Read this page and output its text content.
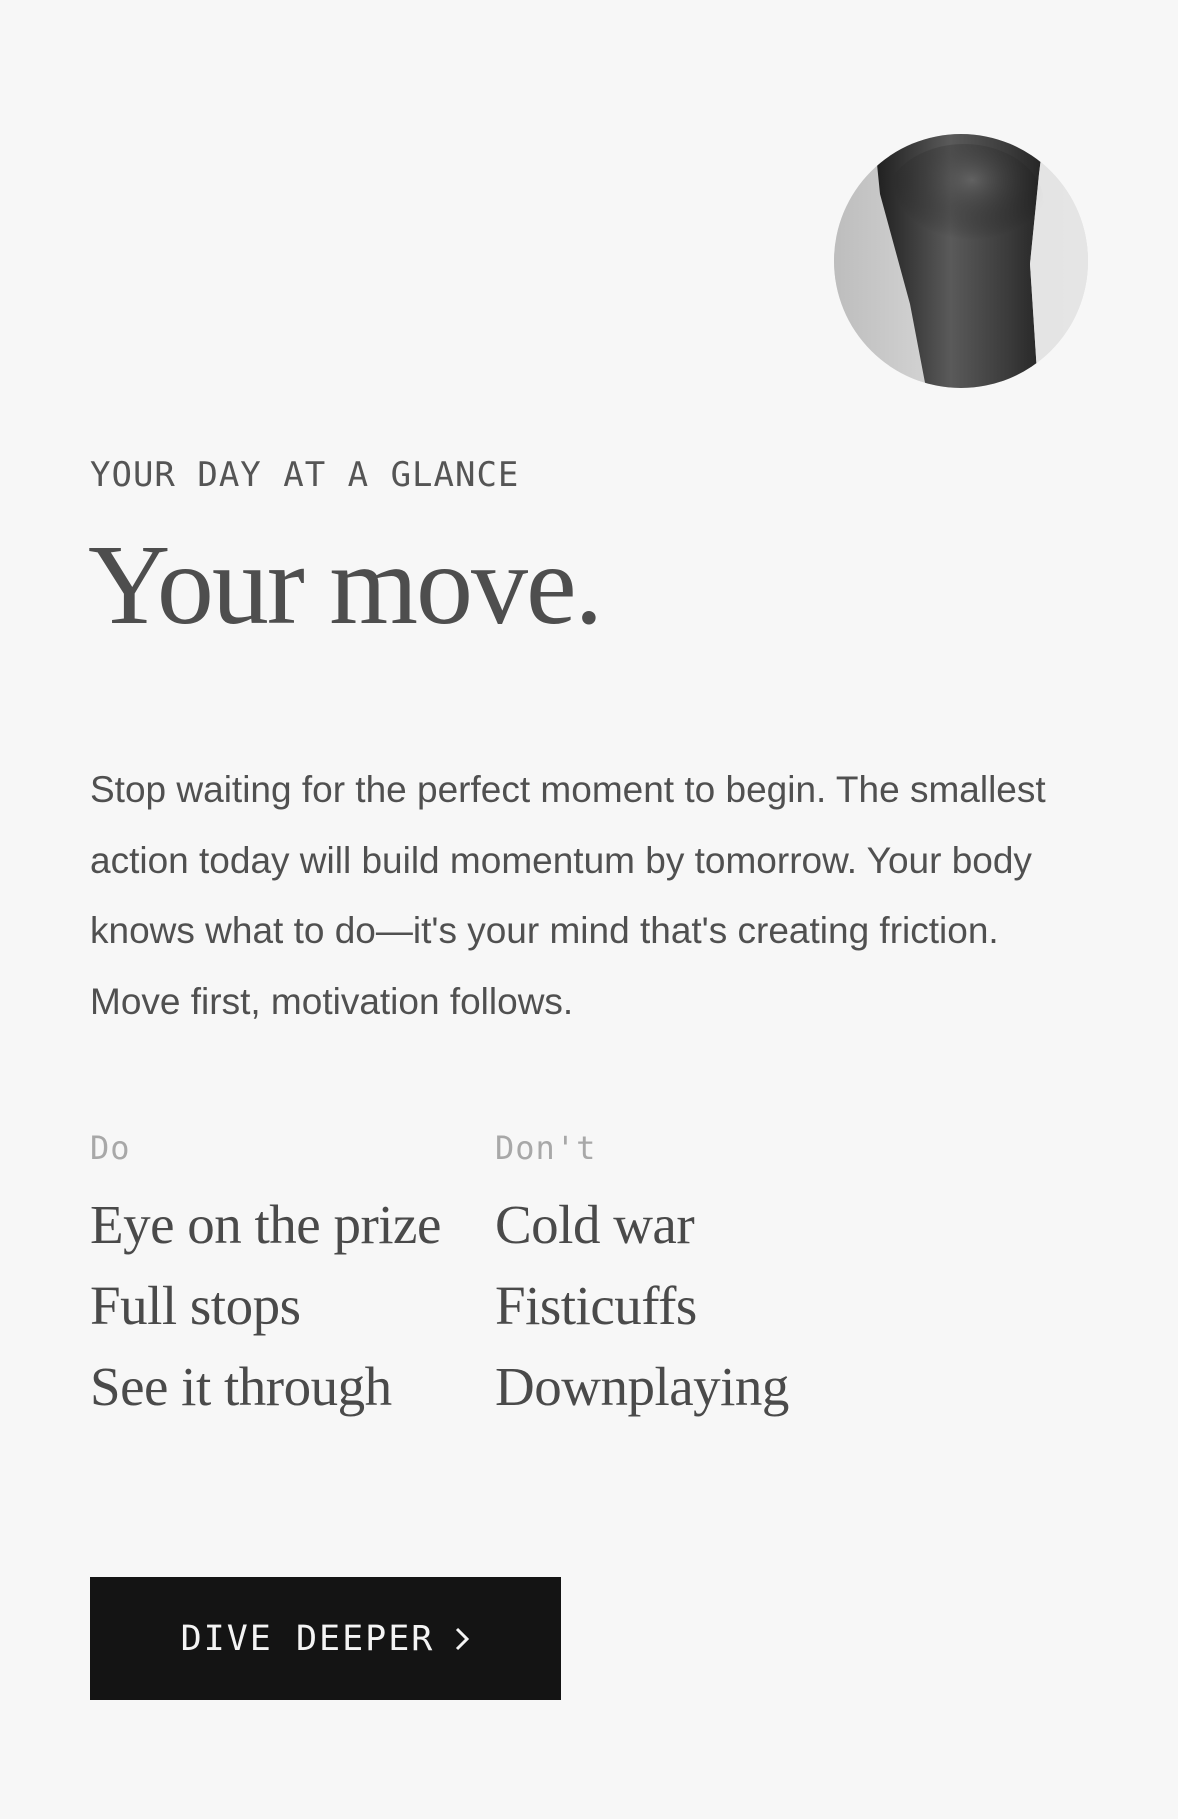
YOUR DAY AT A GLANCE
Your move.

Stop waiting for the perfect moment to begin. The smallest action today will build momentum by tomorrow. Your body knows what to do—it's your mind that's creating friction. Move first, motivation follows.

Do
Eye on the prize
Full stops
See it through
Don't
Cold war
Fisticuffs
Downplaying
DIVE DEEPER
